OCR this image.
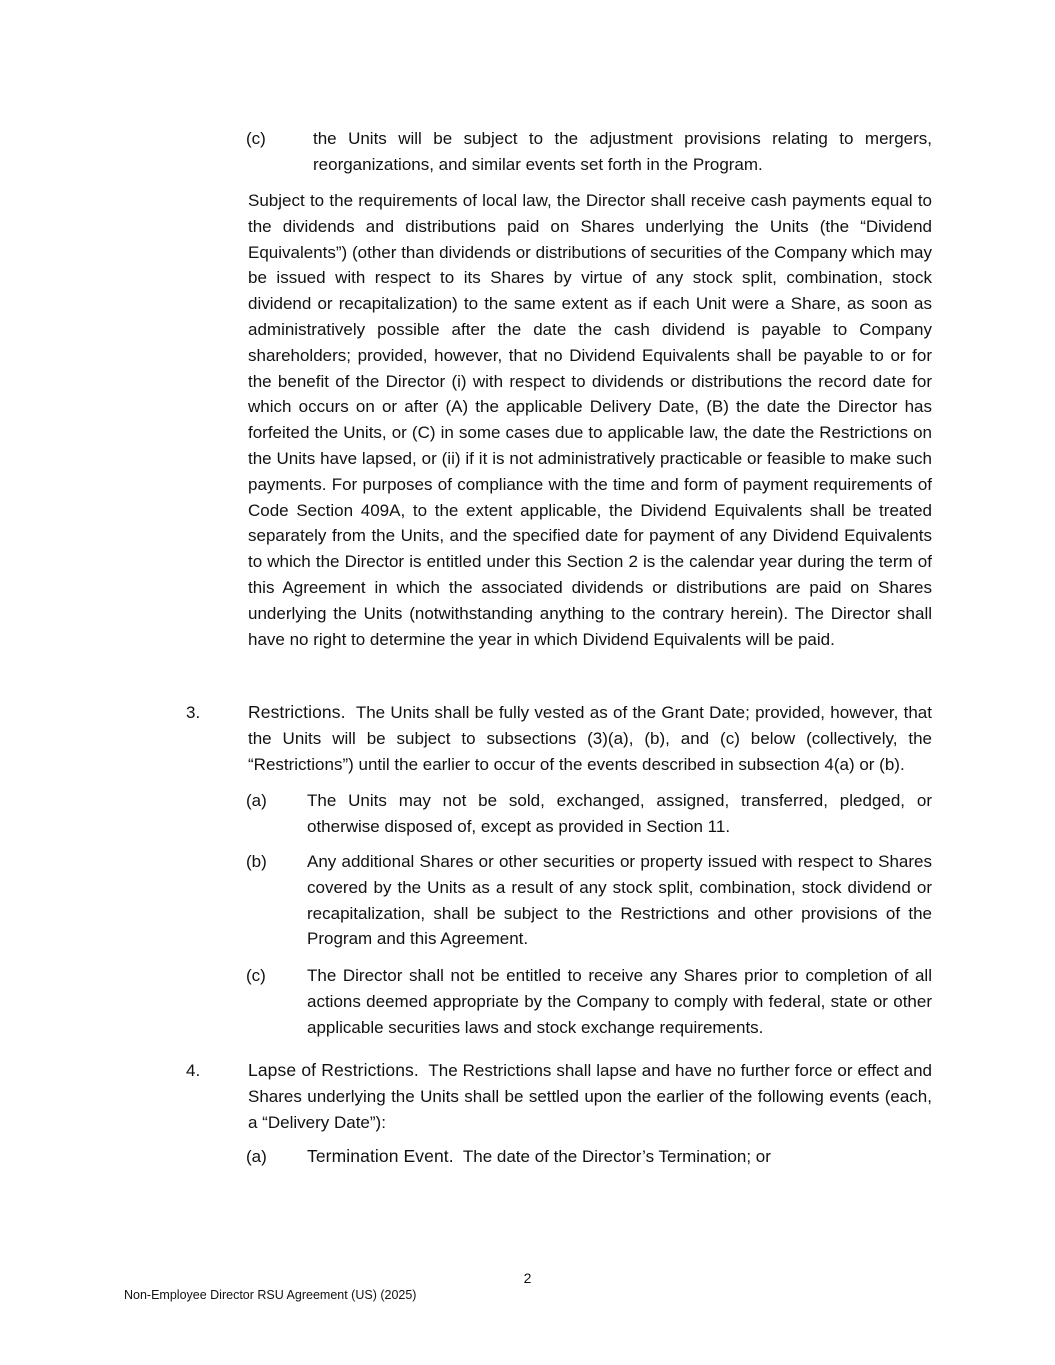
(c)	the Units will be subject to the adjustment provisions relating to mergers, reorganizations, and similar events set forth in the Program.
Subject to the requirements of local law, the Director shall receive cash payments equal to the dividends and distributions paid on Shares underlying the Units (the “Dividend Equivalents”) (other than dividends or distributions of securities of the Company which may be issued with respect to its Shares by virtue of any stock split, combination, stock dividend or recapitalization) to the same extent as if each Unit were a Share, as soon as administratively possible after the date the cash dividend is payable to Company shareholders; provided, however, that no Dividend Equivalents shall be payable to or for the benefit of the Director (i) with respect to dividends or distributions the record date for which occurs on or after (A) the applicable Delivery Date, (B) the date the Director has forfeited the Units, or (C) in some cases due to applicable law, the date the Restrictions on the Units have lapsed, or (ii) if it is not administratively practicable or feasible to make such payments. For purposes of compliance with the time and form of payment requirements of Code Section 409A, to the extent applicable, the Dividend Equivalents shall be treated separately from the Units, and the specified date for payment of any Dividend Equivalents to which the Director is entitled under this Section 2 is the calendar year during the term of this Agreement in which the associated dividends or distributions are paid on Shares underlying the Units (notwithstanding anything to the contrary herein). The Director shall have no right to determine the year in which Dividend Equivalents will be paid.
3.	Restrictions. The Units shall be fully vested as of the Grant Date; provided, however, that the Units will be subject to subsections (3)(a), (b), and (c) below (collectively, the “Restrictions”) until the earlier to occur of the events described in subsection 4(a) or (b).
(a)	The Units may not be sold, exchanged, assigned, transferred, pledged, or otherwise disposed of, except as provided in Section 11.
(b)	Any additional Shares or other securities or property issued with respect to Shares covered by the Units as a result of any stock split, combination, stock dividend or recapitalization, shall be subject to the Restrictions and other provisions of the Program and this Agreement.
(c)	The Director shall not be entitled to receive any Shares prior to completion of all actions deemed appropriate by the Company to comply with federal, state or other applicable securities laws and stock exchange requirements.
4.	Lapse of Restrictions. The Restrictions shall lapse and have no further force or effect and Shares underlying the Units shall be settled upon the earlier of the following events (each, a “Delivery Date”):
(a)	Termination Event. The date of the Director’s Termination; or
2
Non-Employee Director RSU Agreement (US) (2025)
